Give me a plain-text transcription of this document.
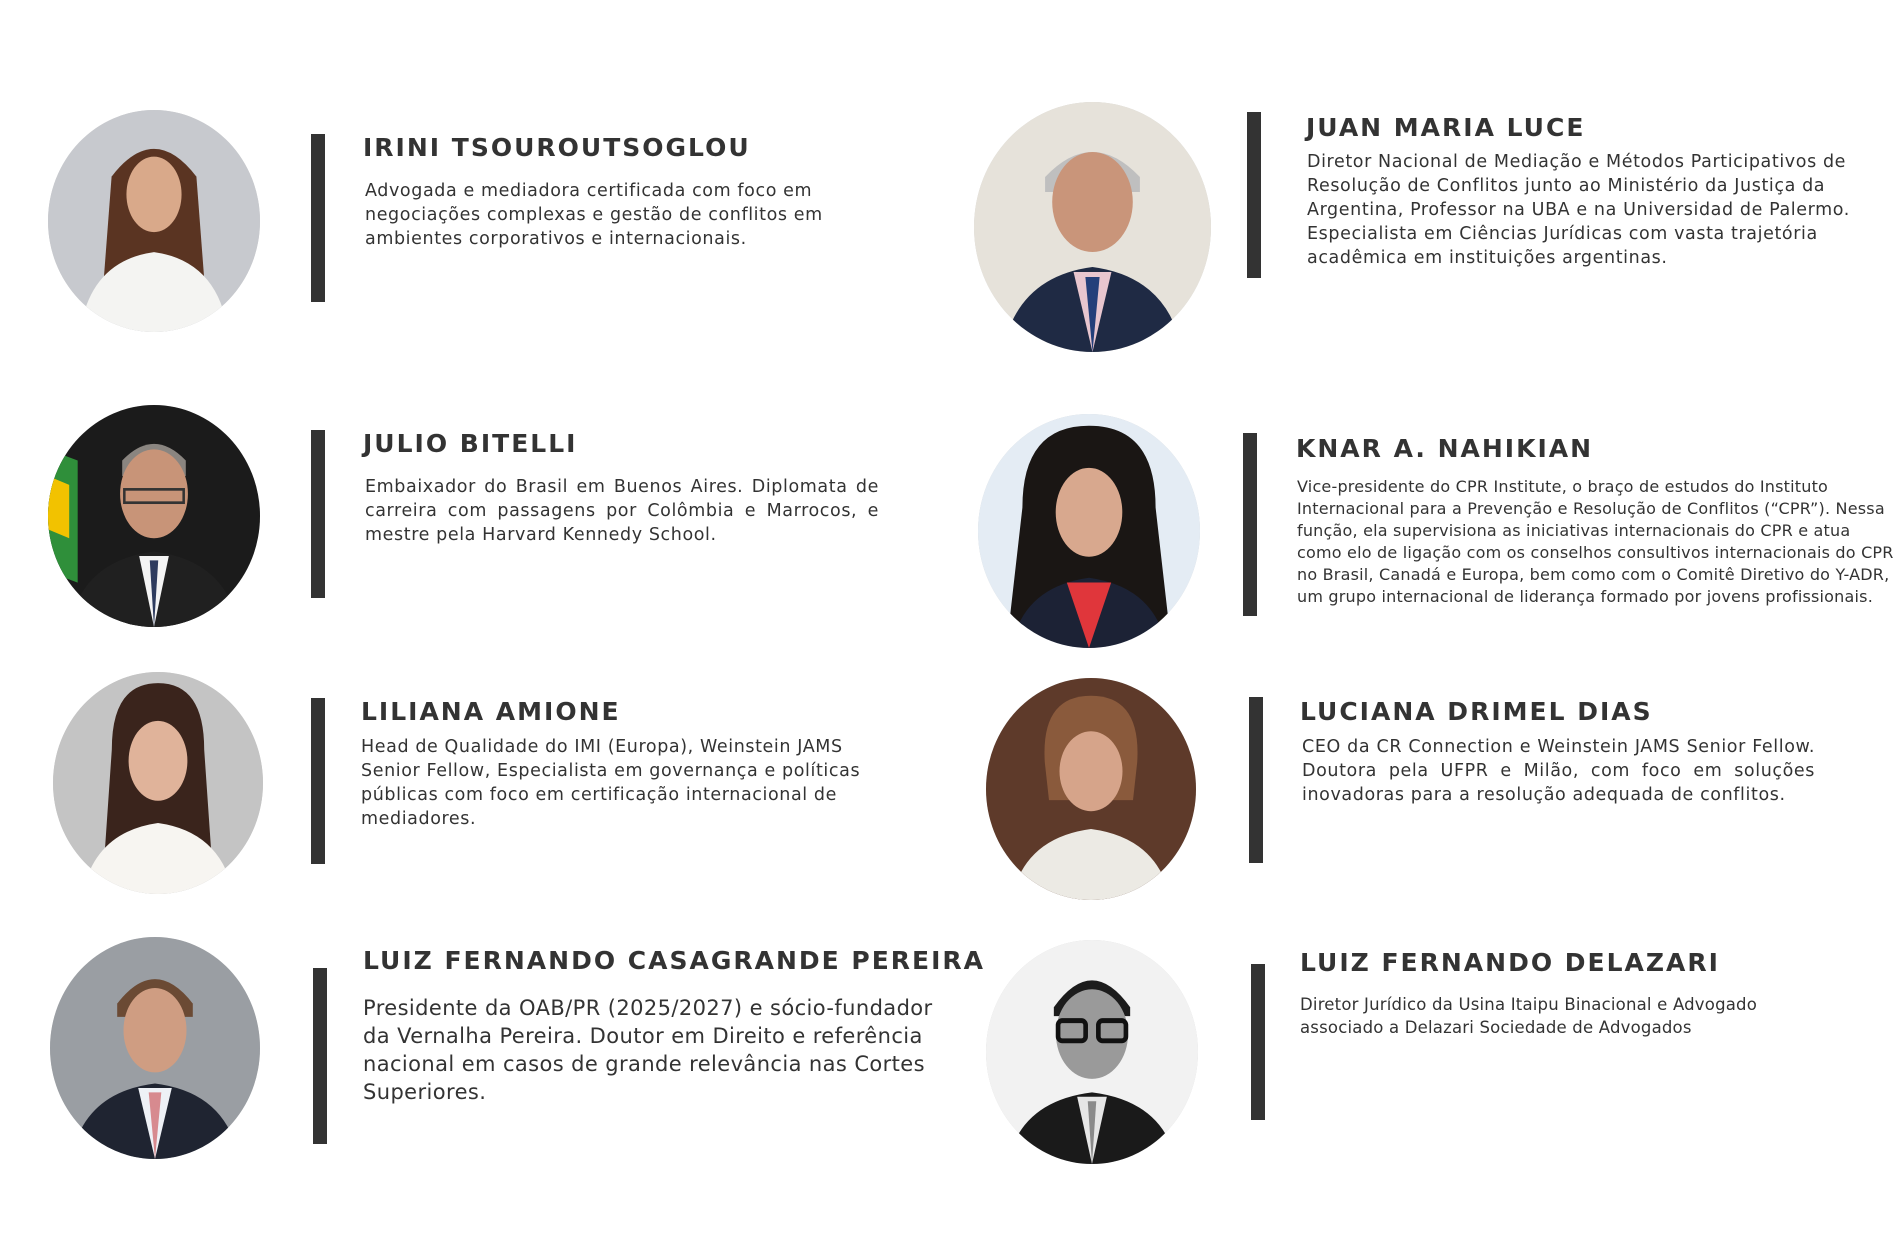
IRINI TSOUROUTSOGLOU

Advogada e mediadora certificada com foco em negociações complexas e gestão de conflitos em ambientes corporativos e internacionais.

JUAN MARIA LUCE

Diretor Nacional de Mediação e Métodos Participativos de Resolução de Conflitos junto ao Ministério da Justiça da Argentina, Professor na UBA e na Universidad de Palermo. Especialista em Ciências Jurídicas com vasta trajetória acadêmica em instituições argentinas.

JULIO BITELLI

Embaixador do Brasil em Buenos Aires. Diplomata de carreira com passagens por Colômbia e Marrocos, e mestre pela Harvard Kennedy School.

KNAR A. NAHIKIAN

Vice-presidente do CPR Institute, o braço de estudos do Instituto Internacional para a Prevenção e Resolução de Conflitos (“CPR”). Nessa função, ela supervisiona as iniciativas internacionais do CPR e atua como elo de ligação com os conselhos consultivos internacionais do CPR no Brasil, Canadá e Europa, bem como com o Comitê Diretivo do Y-ADR, um grupo internacional de liderança formado por jovens profissionais.

LILIANA AMIONE

Head de Qualidade do IMI (Europa), Weinstein JAMS Senior Fellow, Especialista em governança e políticas públicas com foco em certificação internacional de mediadores.

LUCIANA DRIMEL DIAS

CEO da CR Connection e Weinstein JAMS Senior Fellow. Doutora pela UFPR e Milão, com foco em soluções inovadoras para a resolução adequada de conflitos.

LUIZ FERNANDO CASAGRANDE PEREIRA

Presidente da OAB/PR (2025/2027) e sócio-fundador da Vernalha Pereira. Doutor em Direito e referência nacional em casos de grande relevância nas Cortes Superiores.

LUIZ FERNANDO DELAZARI

Diretor Jurídico da Usina Itaipu Binacional e Advogado associado a Delazari Sociedade de Advogados
